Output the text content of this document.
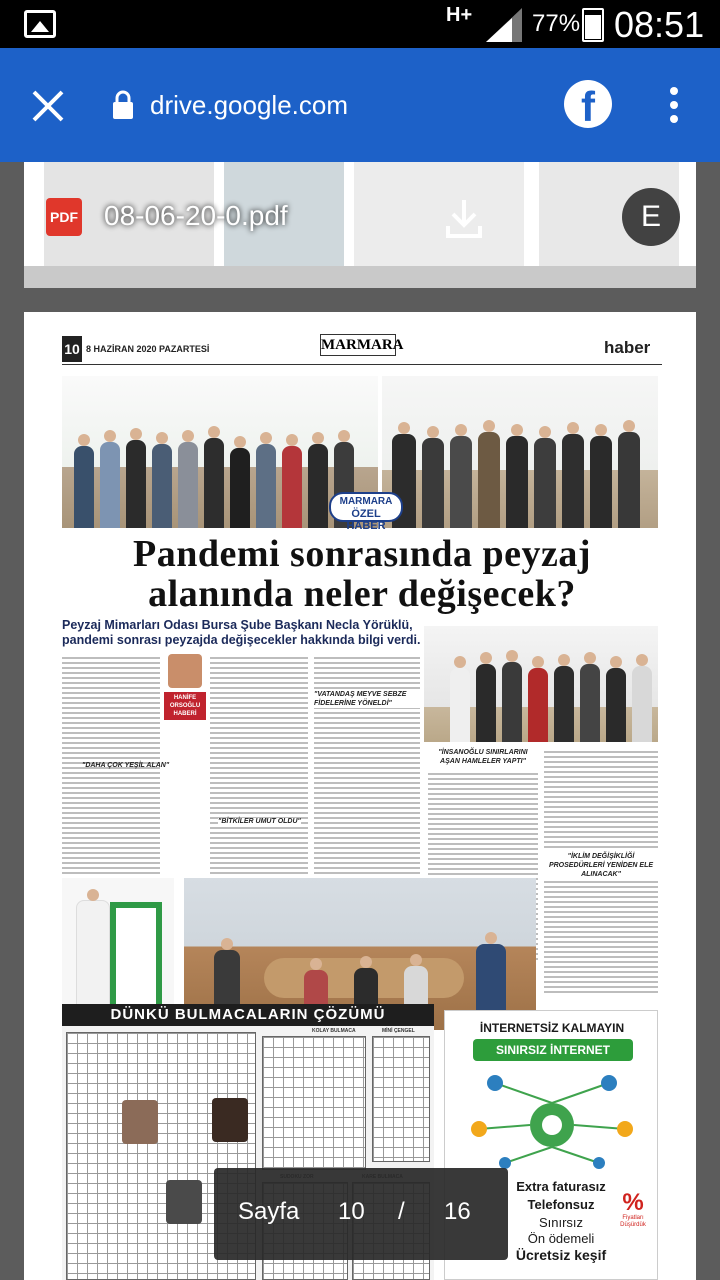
H+ 77% 08:51
drive.google.com	f
PDF 08-06-20-0.pdf	E
10 8 HAZİRAN 2020 PAZARTESİ	MARMARA	haber
MARMARA
ÖZEL HABER
Pandemi sonrasında peyzaj alanında neler değişecek?
Peyzaj Mimarları Odası Bursa Şube Başkanı Necla Yörüklü, pandemi sonrası peyzajda değişecekler hakkında bilgi verdi.
HANİFE ORSOĞLU HABERİ
"DAHA ÇOK YEŞİL ALAN"
"BİTKİLER UMUT OLDU"
"VATANDAŞ MEYVE SEBZE FİDELERİNE YÖNELDİ"
"İNSANOĞLU SINIRLARINI AŞAN HAMLELER YAPTI"
"İKLİM DEĞİŞİKLİĞİ PROSEDÜRLERİ YENİDEN ELE ALINACAK"
DÜNKÜ BULMACALARIN ÇÖZÜMÜ
KOLAY BULMACA	MİNİ ÇENGEL	İNTERNETSİZ KALMAYIN
SINIRSIZ İNTERNET
Extra faturasız
Telefonsuz
Sınırsız
Ön ödemeli
Ücretsiz keşif
%
Fiyatları Düşürdük
Sayfa 10 / 16
